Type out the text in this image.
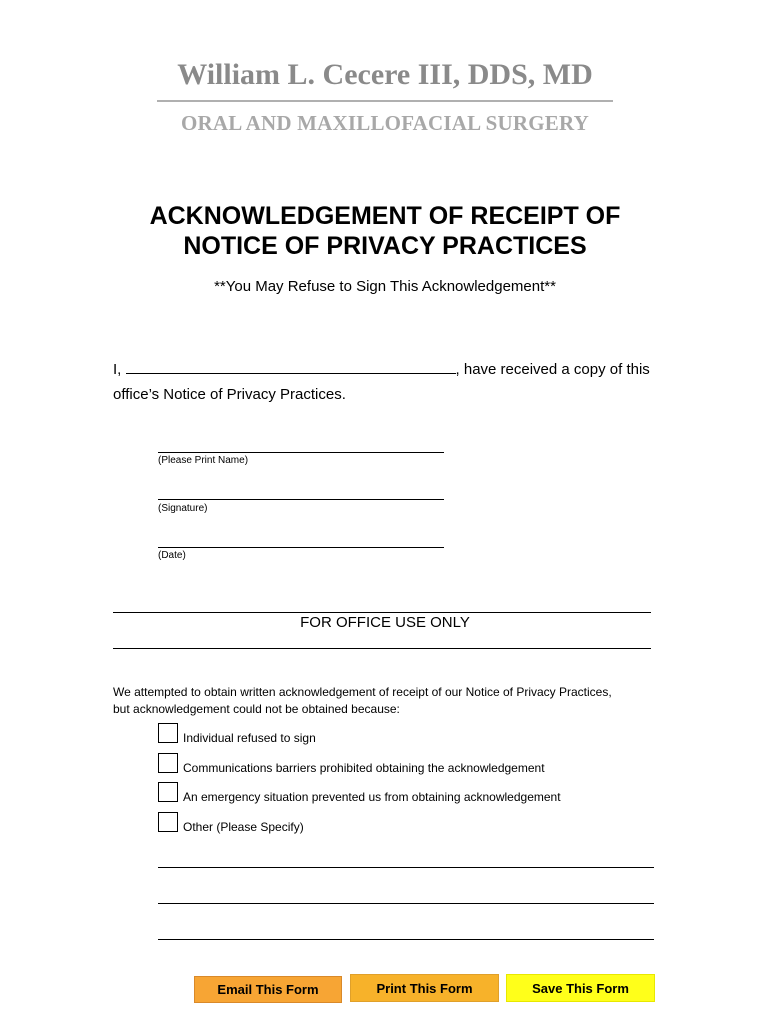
William L. Cecere III, DDS, MD
ORAL AND MAXILLOFACIAL SURGERY
ACKNOWLEDGEMENT OF RECEIPT OF
NOTICE OF PRIVACY PRACTICES
**You May Refuse to Sign This Acknowledgement**
I,	, have received a copy of this
office’s Notice of Privacy Practices.
(Please Print Name)
(Signature)
(Date)
FOR OFFICE USE ONLY
We attempted to obtain written acknowledgement of receipt of our Notice of Privacy Practices,
but acknowledgement could not be obtained because:
Individual refused to sign
Communications barriers prohibited obtaining the acknowledgement
An emergency situation prevented us from obtaining acknowledgement
Other (Please Specify)
Email This Form	Print This Form	Save This Form
